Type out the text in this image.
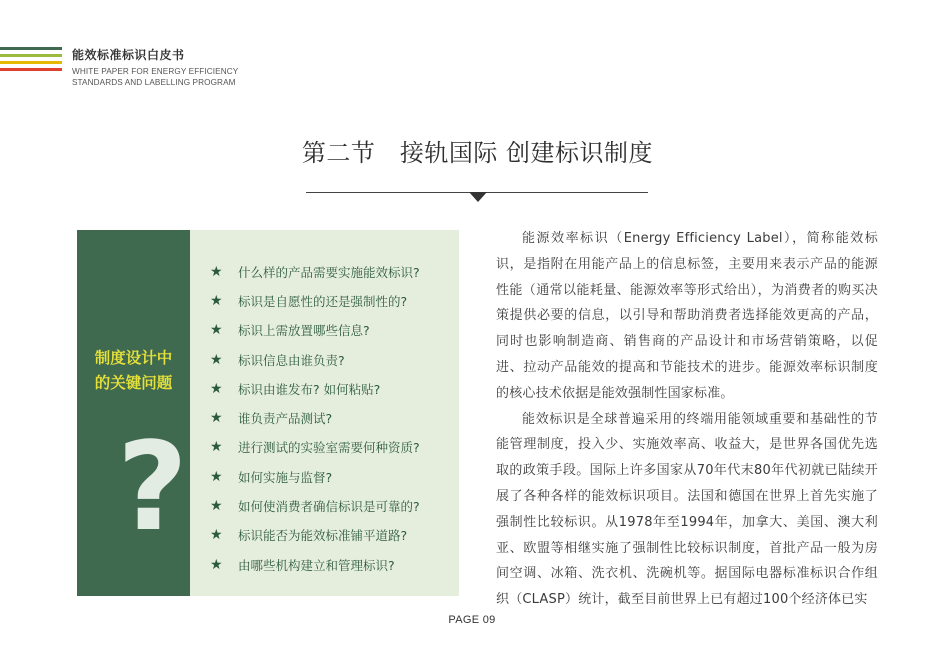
能效标准标识白皮书
WHITE PAPER FOR ENERGY EFFICIENCY
STANDARDS AND LABELLING PROGRAM
第二节　接轨国际 创建标识制度
制度设计中
的关键问题
?
★	什么样的产品需要实施能效标识?
★	标识是自愿性的还是强制性的?
★	标识上需放置哪些信息?
★	标识信息由谁负责?
★	标识由谁发布? 如何粘贴?
★	谁负责产品测试?
★	进行测试的实验室需要何种资质?
★	如何实施与监督?
★	如何使消费者确信标识是可靠的?
★	标识能否为能效标准铺平道路?
★	由哪些机构建立和管理标识?

能源效率标识（Energy Efficiency Label），简称能效标识，是指附在用能产品上的信息标签，主要用来表示产品的能源性能（通常以能耗量、能源效率等形式给出），为消费者的购买决策提供必要的信息，以引导和帮助消费者选择能效更高的产品，同时也影响制造商、销售商的产品设计和市场营销策略，以促进、拉动产品能效的提高和节能技术的进步。能源效率标识制度的核心技术依据是能效强制性国家标准。

能效标识是全球普遍采用的终端用能领域重要和基础性的节能管理制度，投入少、实施效率高、收益大，是世界各国优先选取的政策手段。国际上许多国家从70年代末80年代初就已陆续开展了各种各样的能效标识项目。法国和德国在世界上首先实施了强制性比较标识。从1978年至1994年，加拿大、美国、澳大利亚、欧盟等相继实施了强制性比较标识制度，首批产品一般为房间空调、冰箱、洗衣机、洗碗机等。据国际电器标准标识合作组织（CLASP）统计，截至目前世界上已有超过100个经济体已实

PAGE 09
